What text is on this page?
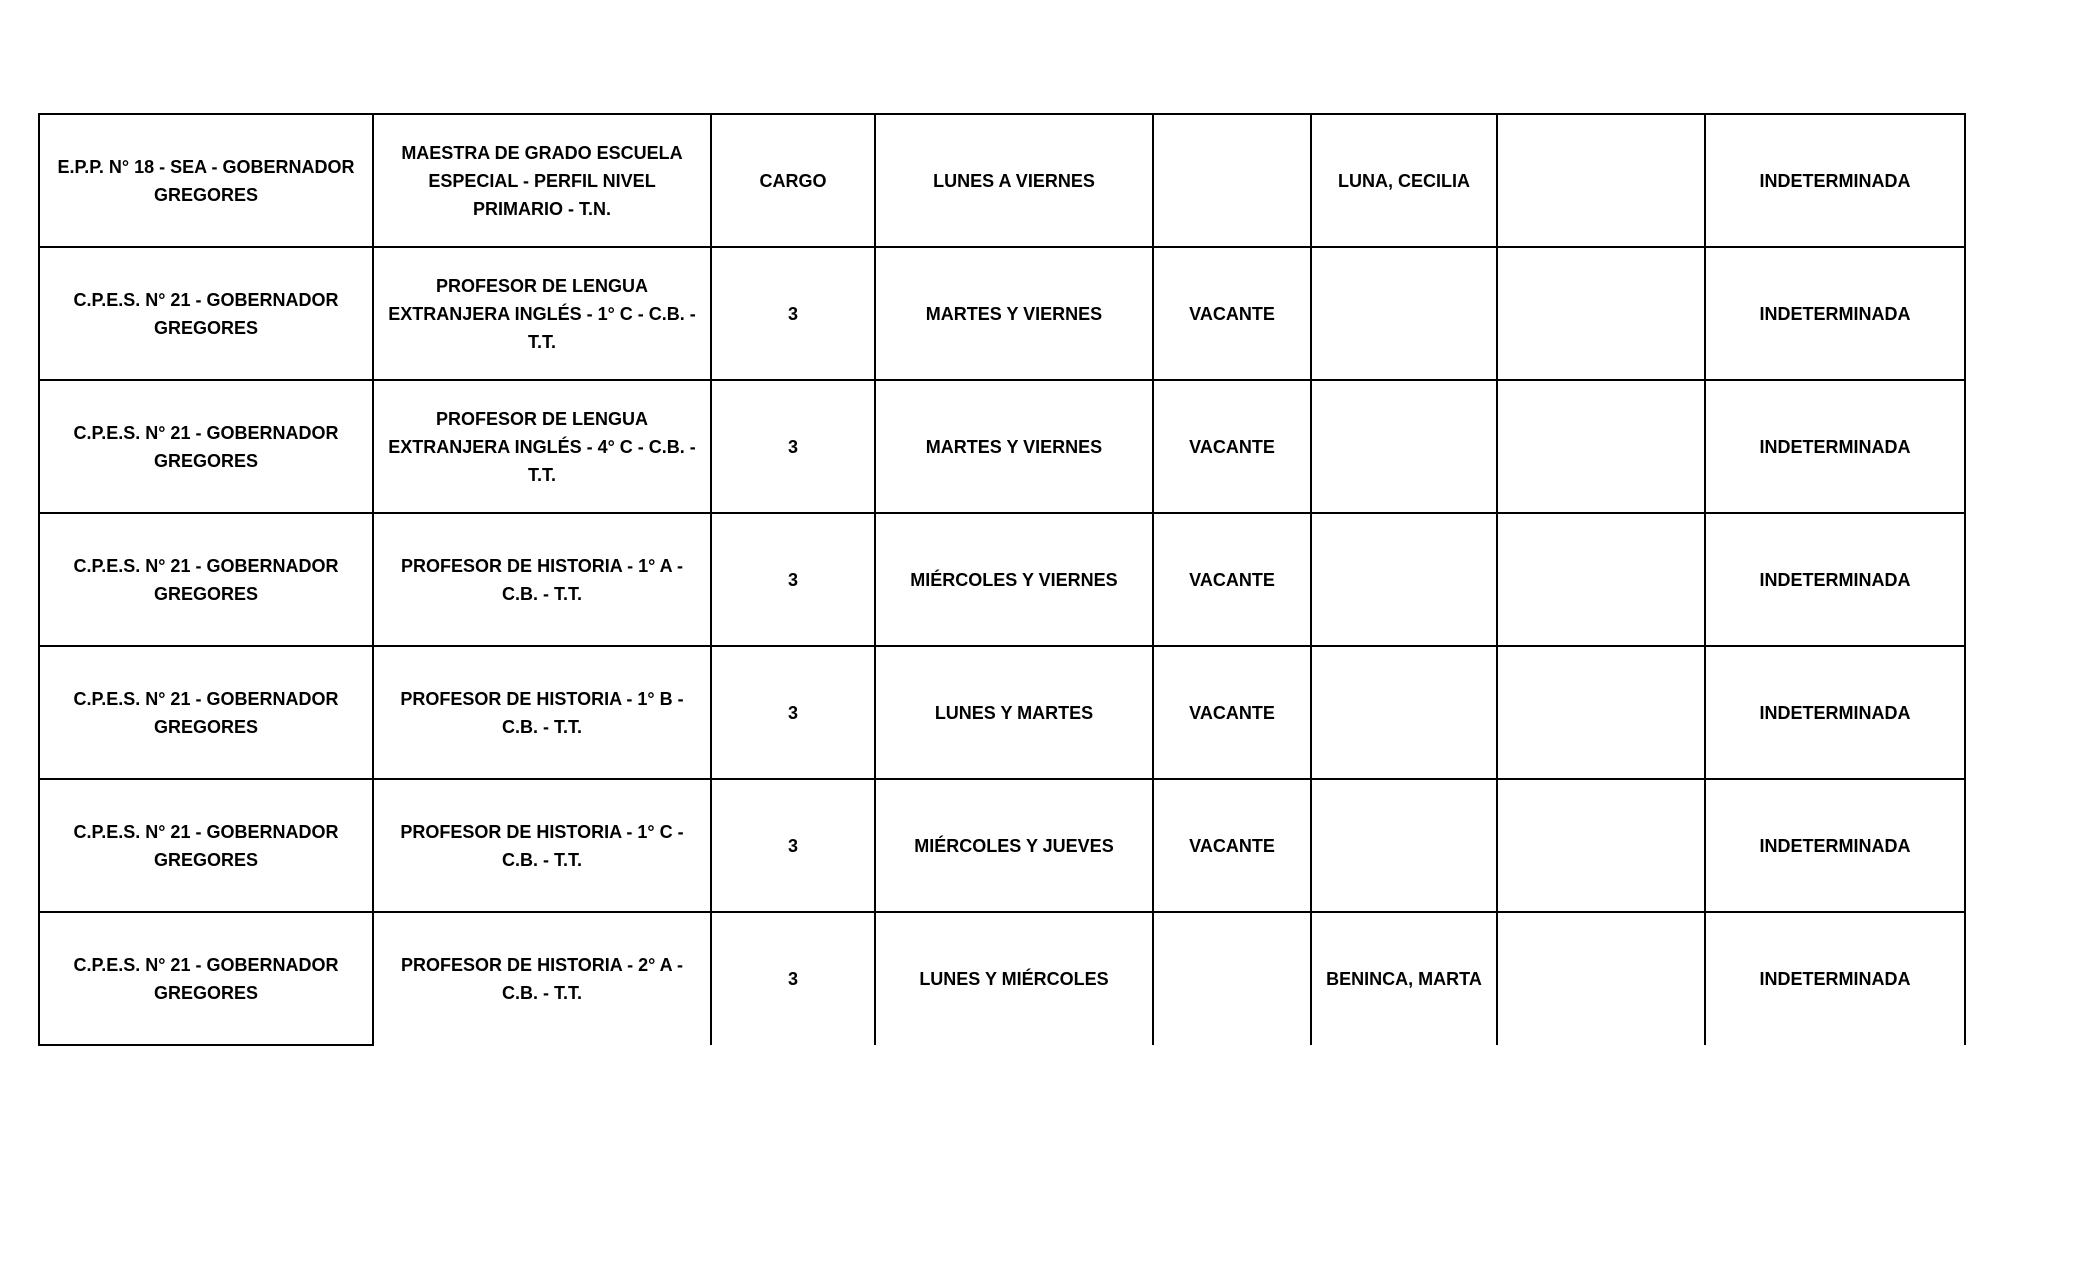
E.P.P. N° 18 - SEA - GOBERNADOR GREGORES	MAESTRA DE GRADO ESCUELA ESPECIAL - PERFIL NIVEL PRIMARIO - T.N.	CARGO	LUNES A VIERNES		LUNA, CECILIA		INDETERMINADA
C.P.E.S. N° 21 - GOBERNADOR GREGORES	PROFESOR DE LENGUA EXTRANJERA INGLÉS - 1° C - C.B. - T.T.	3	MARTES Y VIERNES	VACANTE			INDETERMINADA
C.P.E.S. N° 21 - GOBERNADOR GREGORES	PROFESOR DE LENGUA EXTRANJERA INGLÉS - 4° C - C.B. - T.T.	3	MARTES Y VIERNES	VACANTE			INDETERMINADA
C.P.E.S. N° 21 - GOBERNADOR GREGORES	PROFESOR DE HISTORIA - 1° A - C.B. - T.T.	3	MIÉRCOLES Y VIERNES	VACANTE			INDETERMINADA
C.P.E.S. N° 21 - GOBERNADOR GREGORES	PROFESOR DE HISTORIA - 1° B - C.B. - T.T.	3	LUNES Y MARTES	VACANTE			INDETERMINADA
C.P.E.S. N° 21 - GOBERNADOR GREGORES	PROFESOR DE HISTORIA - 1° C - C.B. - T.T.	3	MIÉRCOLES Y JUEVES	VACANTE			INDETERMINADA
C.P.E.S. N° 21 - GOBERNADOR GREGORES	PROFESOR DE HISTORIA - 2° A - C.B. - T.T.	3	LUNES Y MIÉRCOLES		BENINCA, MARTA		INDETERMINADA
